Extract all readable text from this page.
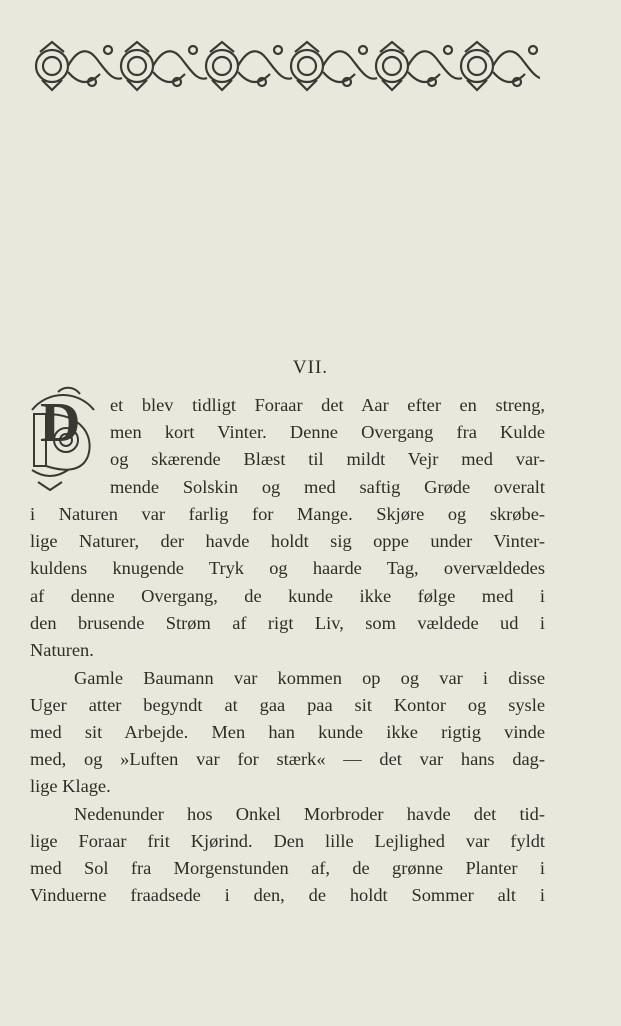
VII.
D et blev tidligt Foraar det Aar efter en streng,
men kort Vinter. Denne Overgang fra Kulde
og skærende Blæst til mildt Vejr med var-
mende Solskin og med saftig Grøde overalt
i Naturen var farlig for Mange. Skjøre og skrøbe-
lige Naturer, der havde holdt sig oppe under Vinter-
kuldens knugende Tryk og haarde Tag, overvældedes
af denne Overgang, de kunde ikke følge med i
den brusende Strøm af rigt Liv, som vældede ud i
Naturen.
Gamle Baumann var kommen op og var i disse
Uger atter begyndt at gaa paa sit Kontor og sysle
med sit Arbejde. Men han kunde ikke rigtig vinde
med, og »Luften var for stærk« — det var hans dag-
lige Klage.
Nedenunder hos Onkel Morbroder havde det tid-
lige Foraar frit Kjørind. Den lille Lejlighed var fyldt
med Sol fra Morgenstunden af, de grønne Planter i
Vinduerne fraadsede i den, de holdt Sommer alt i
